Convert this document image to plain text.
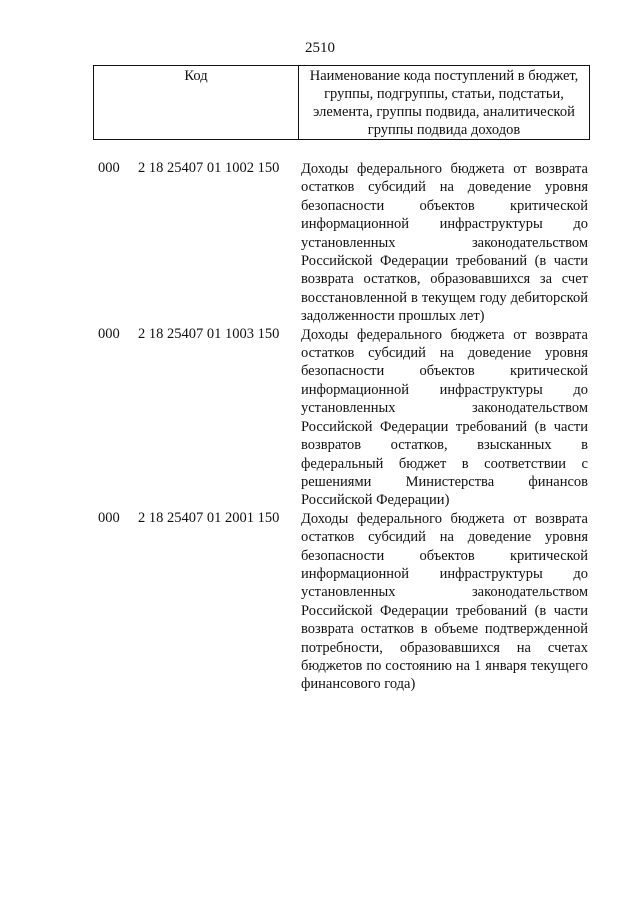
2510
Код	Наименование кода поступлений в бюджет, группы, подгруппы, статьи, подстатьи, элемента, группы подвида, аналитической группы подвида доходов
000 2 18 25407 01 1002 150 Доходы федерального бюджета от возврата остатков субсидий на доведение уровня безопасности объектов критической информационной инфраструктуры до установленных законодательством Российской Федерации требований (в части возврата остатков, образовавшихся за счет восстановленной в текущем году дебиторской задолженности прошлых лет)
000 2 18 25407 01 1003 150 Доходы федерального бюджета от возврата остатков субсидий на доведение уровня безопасности объектов критической информационной инфраструктуры до установленных законодательством Российской Федерации требований (в части возвратов остатков, взысканных в федеральный бюджет в соответствии с решениями Министерства финансов Российской Федерации)
000 2 18 25407 01 2001 150 Доходы федерального бюджета от возврата остатков субсидий на доведение уровня безопасности объектов критической информационной инфраструктуры до установленных законодательством Российской Федерации требований (в части возврата остатков в объеме подтвержденной потребности, образовавшихся на счетах бюджетов по состоянию на 1 января текущего финансового года)
